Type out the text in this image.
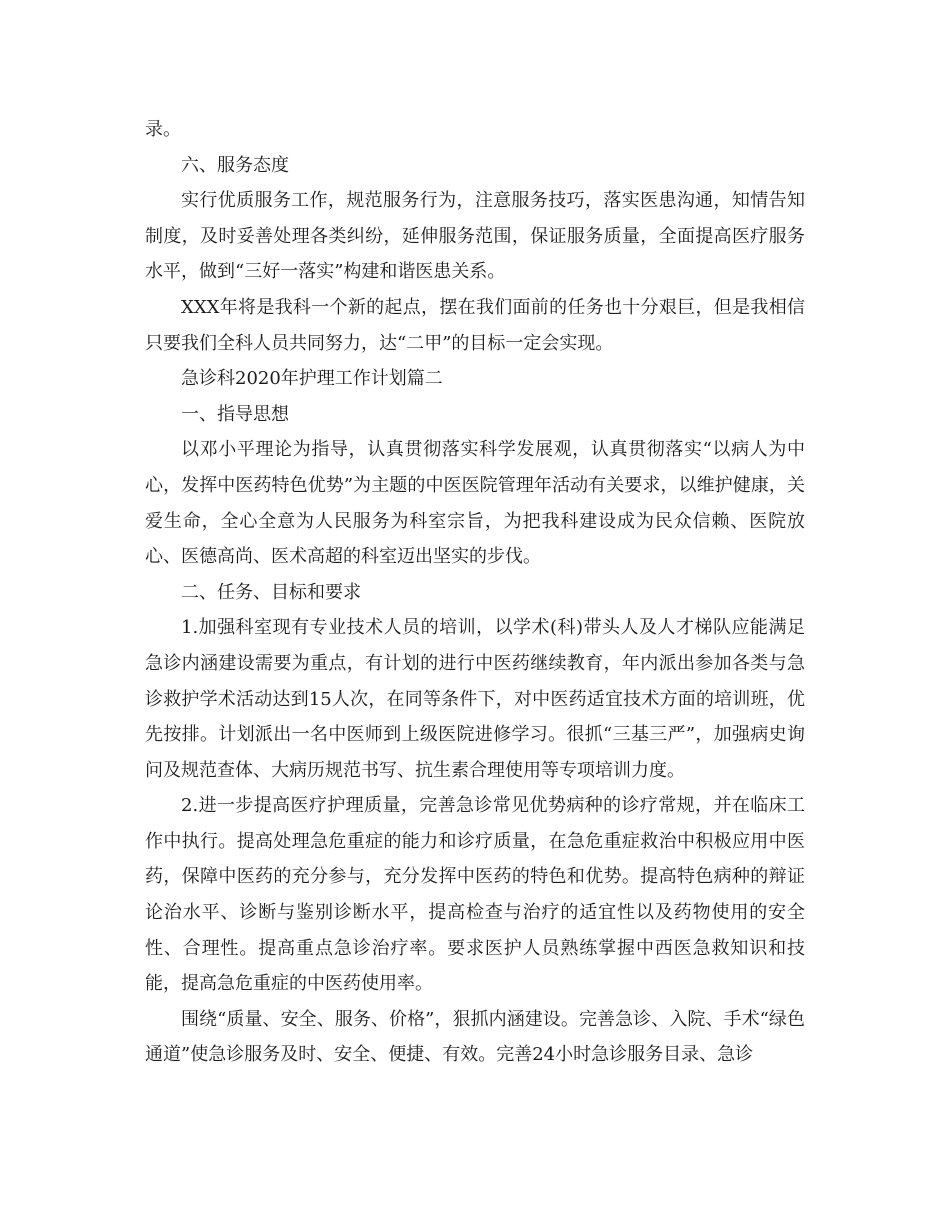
录。

六、服务态度

实行优质服务工作，规范服务行为，注意服务技巧，落实医患沟通，知情告知制度，及时妥善处理各类纠纷，延伸服务范围，保证服务质量，全面提高医疗服务水平，做到“三好一落实”构建和谐医患关系。

XXX年将是我科一个新的起点，摆在我们面前的任务也十分艰巨，但是我相信只要我们全科人员共同努力，达“二甲”的目标一定会实现。

急诊科2020年护理工作计划篇二

一、指导思想

以邓小平理论为指导，认真贯彻落实科学发展观，认真贯彻落实“以病人为中心，发挥中医药特色优势”为主题的中医医院管理年活动有关要求，以维护健康，关爱生命，全心全意为人民服务为科室宗旨，为把我科建设成为民众信赖、医院放心、医德高尚、医术高超的科室迈出坚实的步伐。

二、任务、目标和要求

1.加强科室现有专业技术人员的培训，以学术(科)带头人及人才梯队应能满足急诊内涵建设需要为重点，有计划的进行中医药继续教育，年内派出参加各类与急诊救护学术活动达到15人次，在同等条件下，对中医药适宜技术方面的培训班，优先按排。计划派出一名中医师到上级医院进修学习。很抓“三基三严”，加强病史询问及规范查体、大病历规范书写、抗生素合理使用等专项培训力度。

2.进一步提高医疗护理质量，完善急诊常见优势病种的诊疗常规，并在临床工作中执行。提高处理急危重症的能力和诊疗质量，在急危重症救治中积极应用中医药，保障中医药的充分参与，充分发挥中医药的特色和优势。提高特色病种的辩证论治水平、诊断与鉴别诊断水平，提高检查与治疗的适宜性以及药物使用的安全性、合理性。提高重点急诊治疗率。要求医护人员熟练掌握中西医急救知识和技能，提高急危重症的中医药使用率。

围绕“质量、安全、服务、价格”，狠抓内涵建设。完善急诊、入院、手术“绿色通道”使急诊服务及时、安全、便捷、有效。完善24小时急诊服务目录、急诊
